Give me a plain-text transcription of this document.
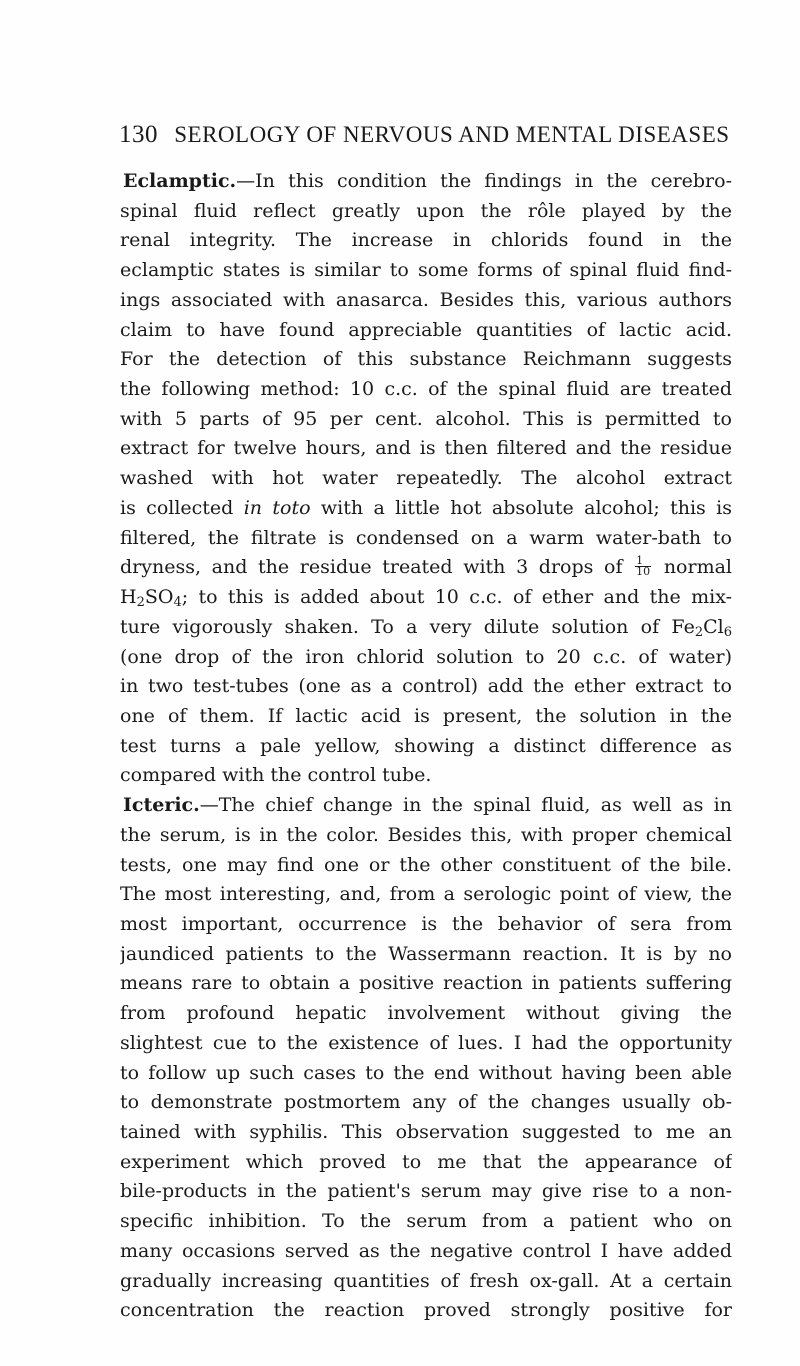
130 SEROLOGY OF NERVOUS AND MENTAL DISEASES
Eclamptic.—In this condition the findings in the cerebro-
spinal fluid reflect greatly upon the rôle played by the
renal integrity. The increase in chlorids found in the
eclamptic states is similar to some forms of spinal fluid find-
ings associated with anasarca. Besides this, various authors
claim to have found appreciable quantities of lactic acid.
For the detection of this substance Reichmann suggests
the following method: 10 c.c. of the spinal fluid are treated
with 5 parts of 95 per cent. alcohol. This is permitted to
extract for twelve hours, and is then filtered and the residue
washed with hot water repeatedly. The alcohol extract
is collected in toto with a little hot absolute alcohol; this is
filtered, the filtrate is condensed on a warm water-bath to
dryness, and the residue treated with 3 drops of $\frac{1}{10}$ normal
$H_2SO_4$; to this is added about 10 c.c. of ether and the mix-
ture vigorously shaken. To a very dilute solution of $Fe_2Cl_6$
(one drop of the iron chlorid solution to 20 c.c. of water)
in two test-tubes (one as a control) add the ether extract to
one of them. If lactic acid is present, the solution in the
test turns a pale yellow, showing a distinct difference as
compared with the control tube.
Icteric.—The chief change in the spinal fluid, as well as in
the serum, is in the color. Besides this, with proper chemical
tests, one may find one or the other constituent of the bile.
The most interesting, and, from a serologic point of view, the
most important, occurrence is the behavior of sera from
jaundiced patients to the Wassermann reaction. It is by no
means rare to obtain a positive reaction in patients suffering
from profound hepatic involvement without giving the
slightest cue to the existence of lues. I had the opportunity
to follow up such cases to the end without having been able
to demonstrate postmortem any of the changes usually ob-
tained with syphilis. This observation suggested to me an
experiment which proved to me that the appearance of
bile-products in the patient's serum may give rise to a non-
specific inhibition. To the serum from a patient who on
many occasions served as the negative control I have added
gradually increasing quantities of fresh ox-gall. At a certain
concentration the reaction proved strongly positive for
